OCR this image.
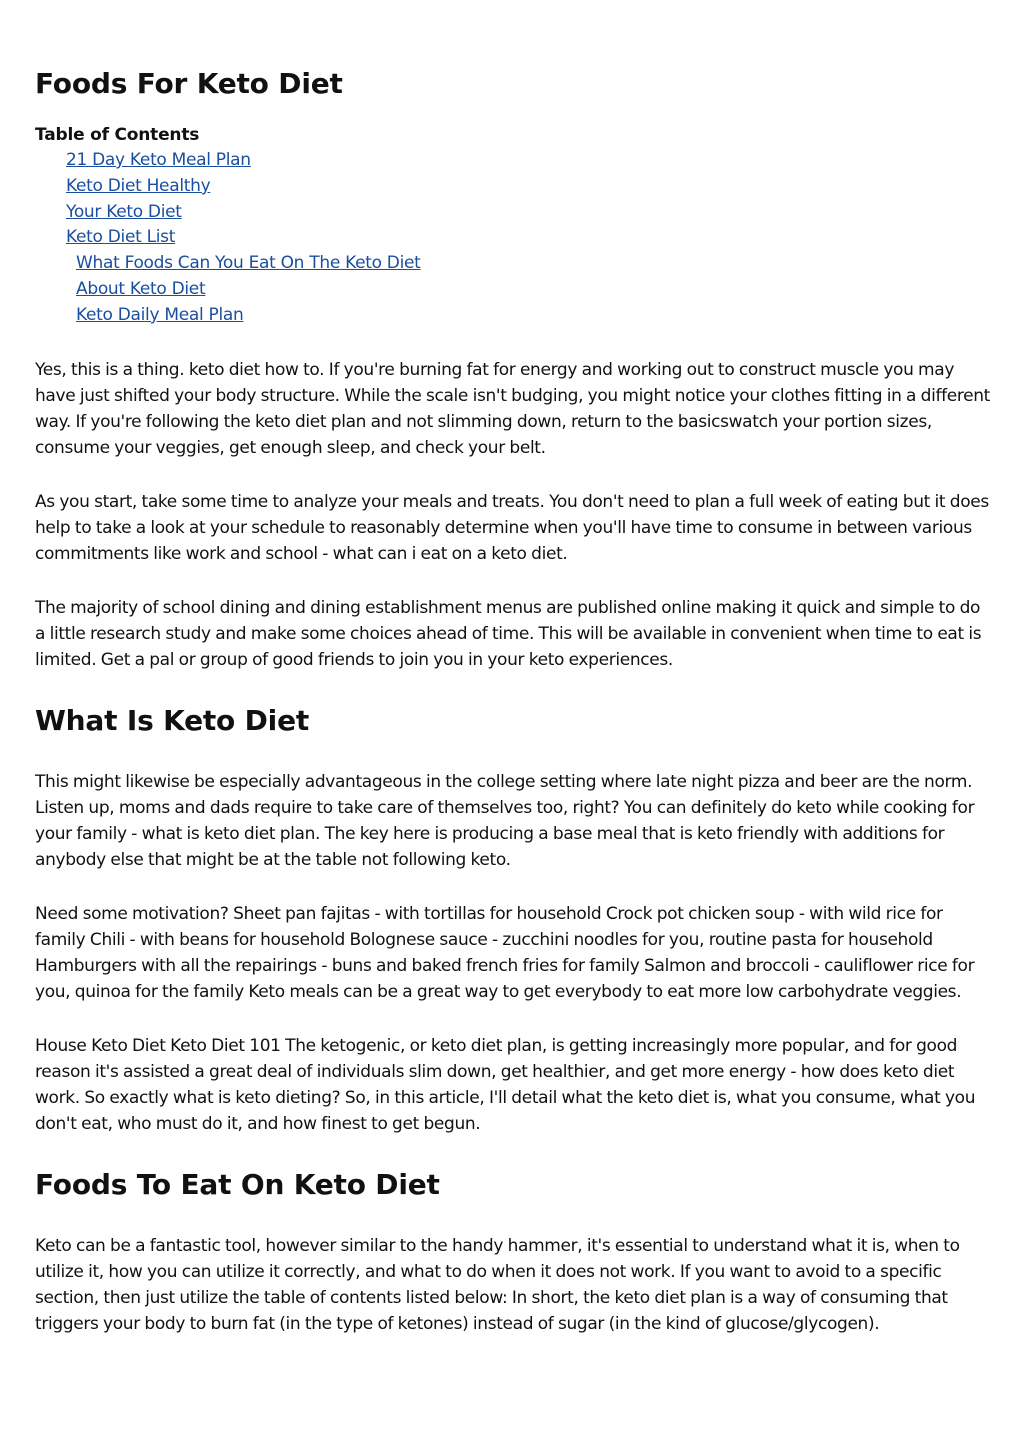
Foods For Keto Diet
Table of Contents
21 Day Keto Meal Plan
Keto Diet Healthy
Your Keto Diet
Keto Diet List
What Foods Can You Eat On The Keto Diet
About Keto Diet
Keto Daily Meal Plan

Yes, this is a thing. keto diet how to. If you're burning fat for energy and working out to construct muscle you may have just shifted your body structure. While the scale isn't budging, you might notice your clothes fitting in a different way. If you're following the keto diet plan and not slimming down, return to the basicswatch your portion sizes, consume your veggies, get enough sleep, and check your belt.

As you start, take some time to analyze your meals and treats. You don't need to plan a full week of eating but it does help to take a look at your schedule to reasonably determine when you'll have time to consume in between various commitments like work and school - what can i eat on a keto diet.

The majority of school dining and dining establishment menus are published online making it quick and simple to do a little research study and make some choices ahead of time. This will be available in convenient when time to eat is limited. Get a pal or group of good friends to join you in your keto experiences.

What Is Keto Diet

This might likewise be especially advantageous in the college setting where late night pizza and beer are the norm. Listen up, moms and dads require to take care of themselves too, right? You can definitely do keto while cooking for your family - what is keto diet plan. The key here is producing a base meal that is keto friendly with additions for anybody else that might be at the table not following keto.

Need some motivation? Sheet pan fajitas - with tortillas for household Crock pot chicken soup - with wild rice for family Chili - with beans for household Bolognese sauce - zucchini noodles for you, routine pasta for household Hamburgers with all the repairings - buns and baked french fries for family Salmon and broccoli - cauliflower rice for you, quinoa for the family Keto meals can be a great way to get everybody to eat more low carbohydrate veggies.

House Keto Diet Keto Diet 101 The ketogenic, or keto diet plan, is getting increasingly more popular, and for good reason it's assisted a great deal of individuals slim down, get healthier, and get more energy - how does keto diet work. So exactly what is keto dieting? So, in this article, I'll detail what the keto diet is, what you consume, what you don't eat, who must do it, and how finest to get begun.

Foods To Eat On Keto Diet

Keto can be a fantastic tool, however similar to the handy hammer, it's essential to understand what it is, when to utilize it, how you can utilize it correctly, and what to do when it does not work. If you want to avoid to a specific section, then just utilize the table of contents listed below: In short, the keto diet plan is a way of consuming that triggers your body to burn fat (in the type of ketones) instead of sugar (in the kind of glucose/glycogen).
